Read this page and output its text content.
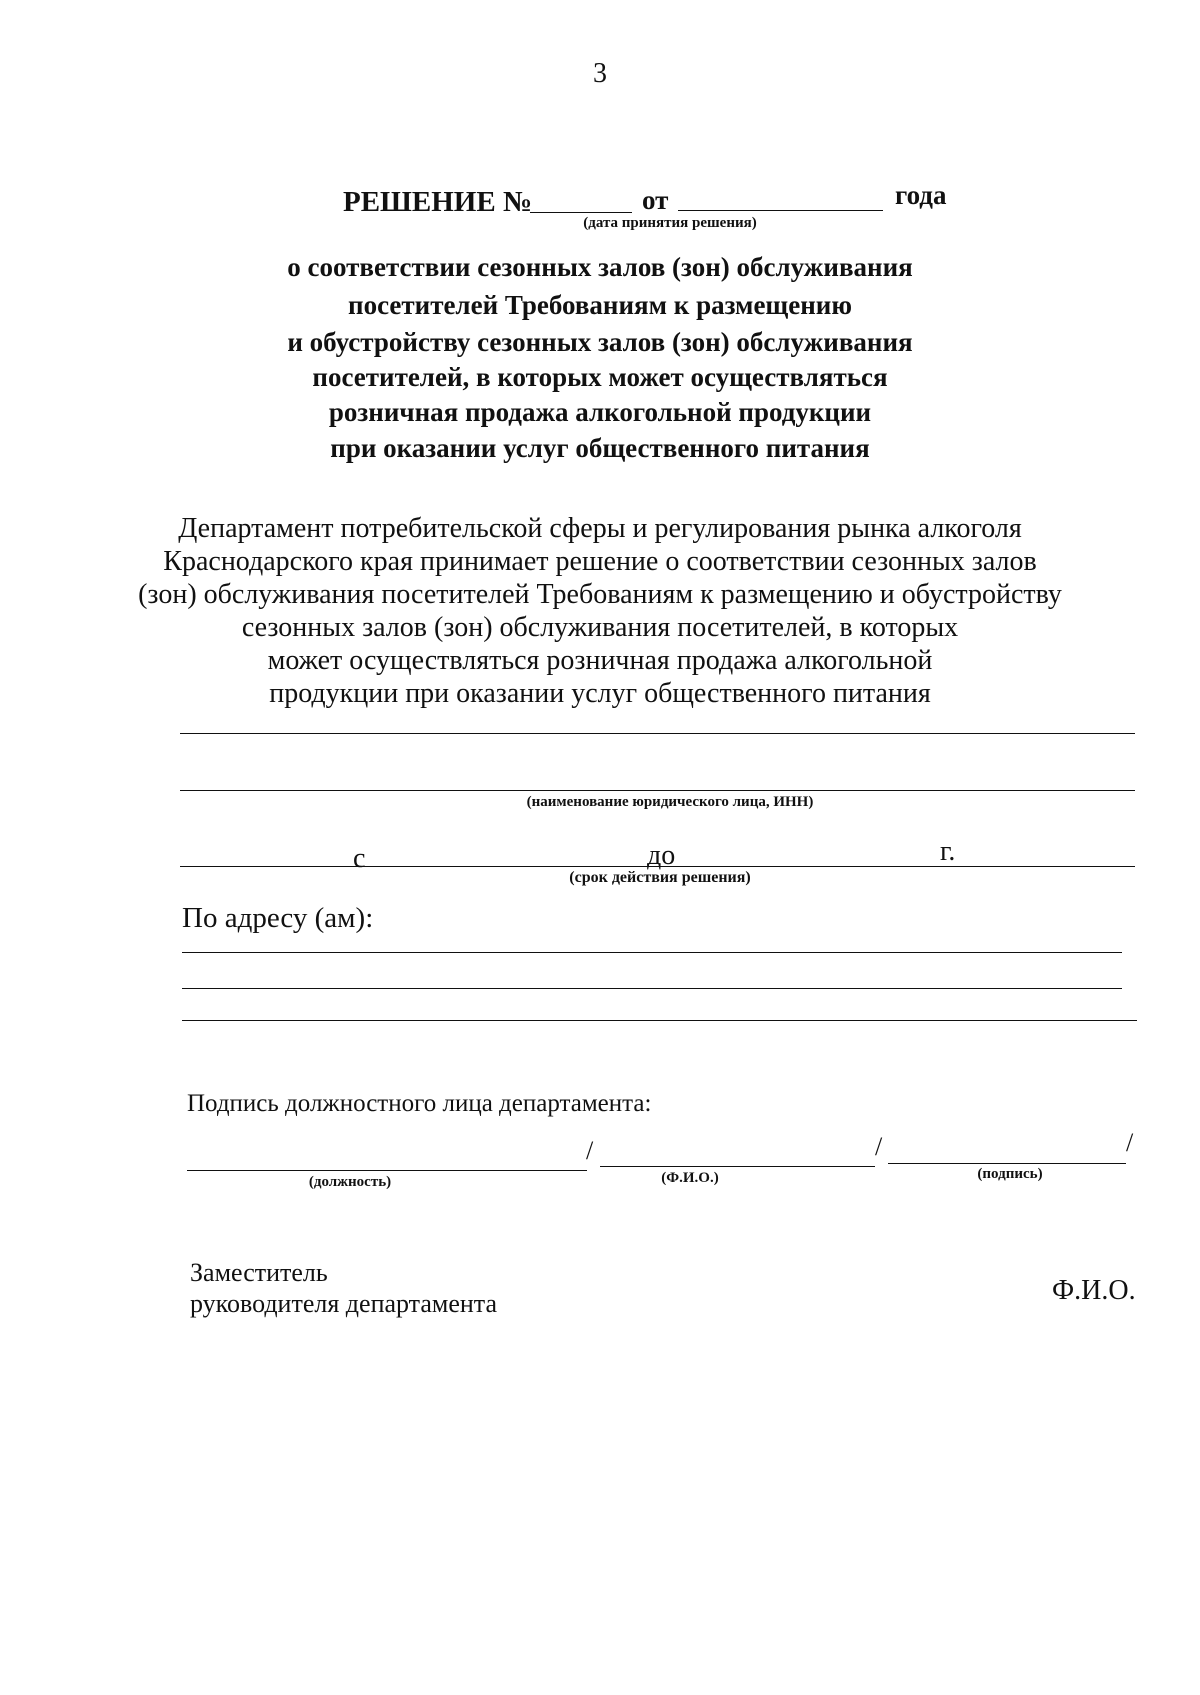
3
РЕШЕНИЕ №	от	года
(дата принятия решения)
о соответствии сезонных залов (зон) обслуживания
посетителей Требованиям к размещению
и обустройству сезонных залов (зон) обслуживания
посетителей, в которых может осуществляться
розничная продажа алкогольной продукции
при оказании услуг общественного питания
Департамент потребительской сферы и регулирования рынка алкоголя
Краснодарского края принимает решение о соответствии сезонных залов
(зон) обслуживания посетителей Требованиям к размещению и обустройству
сезонных залов (зон) обслуживания посетителей, в которых
может осуществляться розничная продажа алкогольной
продукции при оказании услуг общественного питания
(наименование юридического лица, ИНН)
с	до	г.
(срок действия решения)
По адресу (ам):
Подпись должностного лица департамента:
/	/	/
(должность)	(Ф.И.О.)	(подпись)
Заместитель
руководителя департамента	Ф.И.О.
